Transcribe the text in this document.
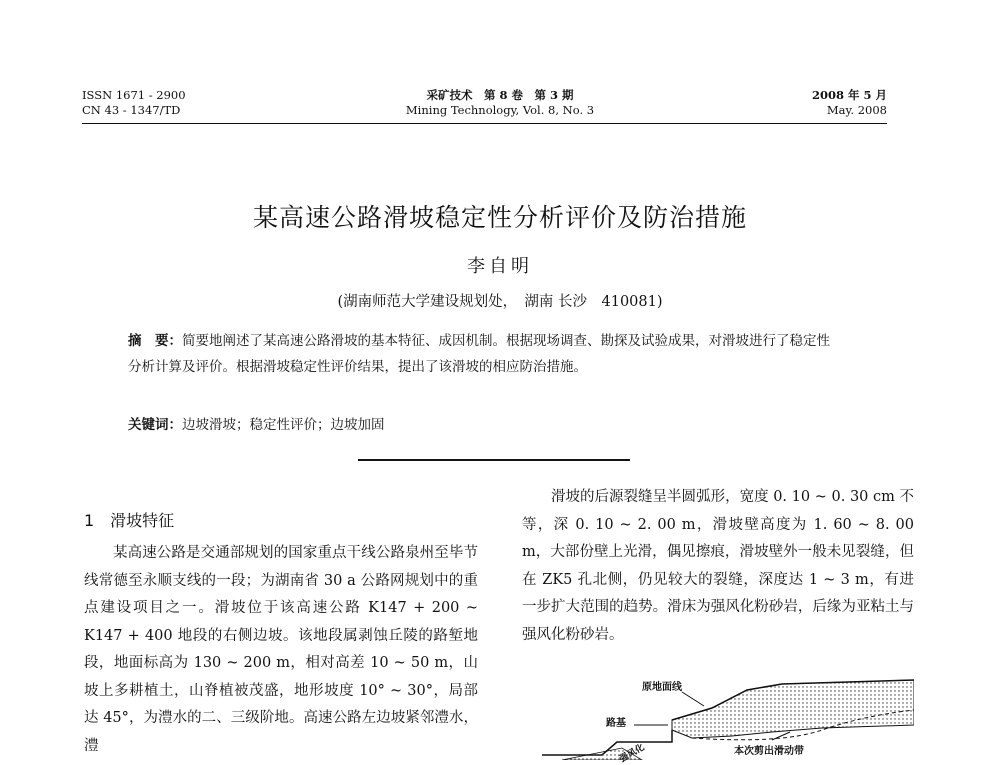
ISSN 1671 - 2900
CN 43 - 1347/TD
采矿技术　第 8 卷　第 3 期
Mining Technology, Vol. 8, No. 3
2008 年 5 月
May. 2008
某高速公路滑坡稳定性分析评价及防治措施
李自明
(湖南师范大学建设规划处，　湖南 长沙　410081)
摘　要：简要地阐述了某高速公路滑坡的基本特征、成因机制。根据现场调查、勘探及试验成果，对滑坡进行了稳定性分析计算及评价。根据滑坡稳定性评价结果，提出了该滑坡的相应防治措施。
关键词：边坡滑坡；稳定性评价；边坡加固
1　滑坡特征
某高速公路是交通部规划的国家重点干线公路泉州至毕节线常德至永顺支线的一段；为湖南省 30 a 公路网规划中的重点建设项目之一。滑坡位于该高速公路 K147 + 200 ~ K147 + 400 地段的右侧边坡。该地段属剥蚀丘陵的路堑地段，地面标高为 130 ~ 200 m，相对高差 10 ~ 50 m，山坡上多耕植土，山脊植被茂盛，地形坡度 10° ~ 30°，局部达 45°，为澧水的二、三级阶地。高速公路左边坡紧邻澧水，澧
滑坡的后源裂缝呈半圆弧形，宽度 0. 10 ~ 0. 30 cm 不等，深 0. 10 ~ 2. 00 m，滑坡壁高度为 1. 60 ~ 8. 00 m，大部份壁上光滑，偶见擦痕，滑坡壁外一般未见裂缝，但在 ZK5 孔北侧，仍见较大的裂缝，深度达 1 ~ 3 m，有进一步扩大范围的趋势。滑床为强风化粉砂岩，后缘为亚粘土与强风化粉砂岩。
原地面线
路基
本次剪出滑动带
强风化
